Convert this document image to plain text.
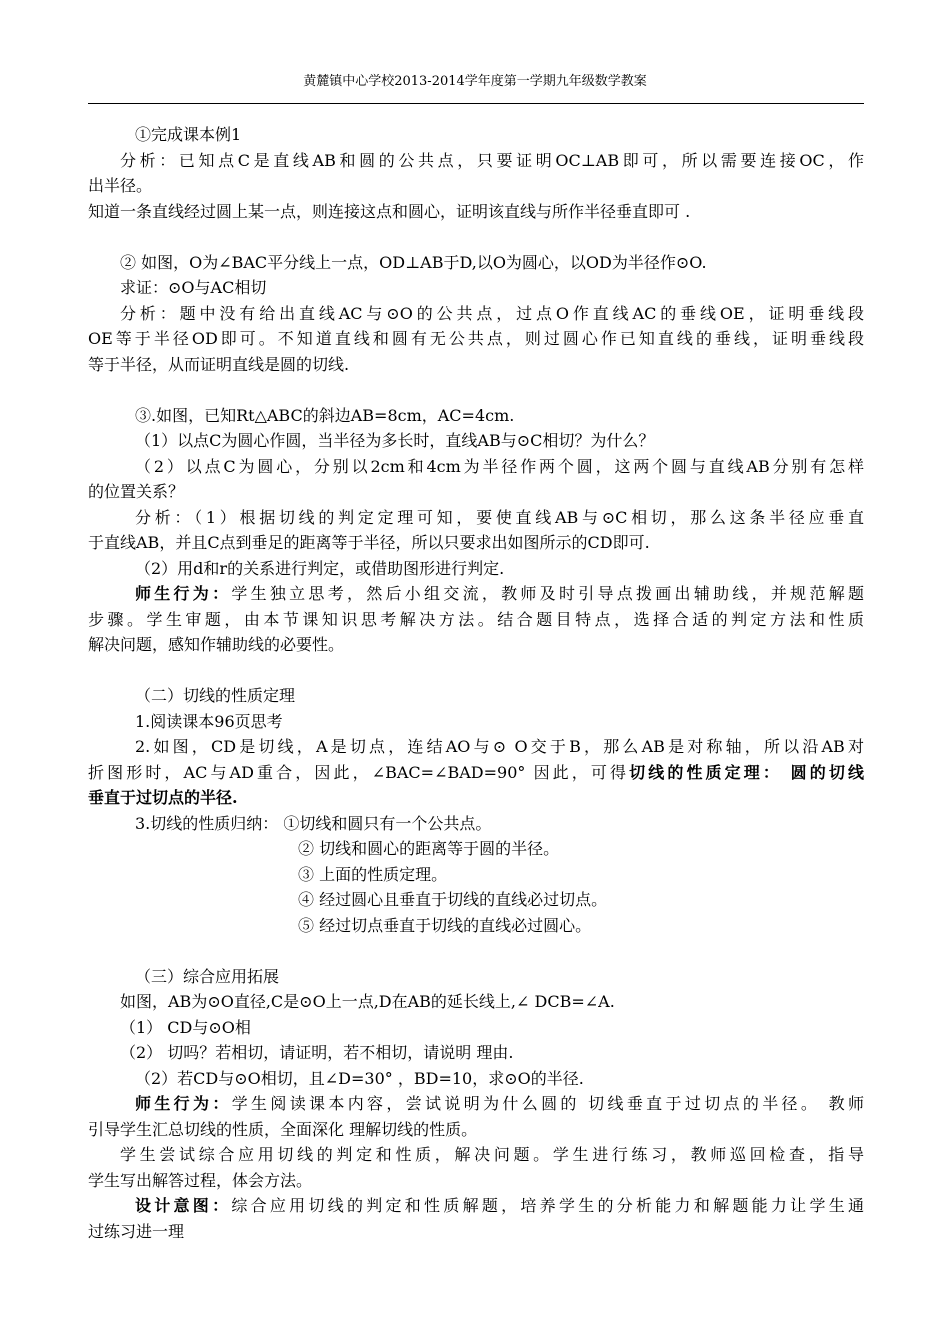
黄麓镇中心学校2013-2014学年度第一学期九年级数学教案
①完成课本例1
分析：已知点C是直线AB和圆的公共点，只要证明OC⊥AB即可，所以需要连接OC，作
出半径。
知道一条直线经过圆上某一点，则连接这点和圆心，证明该直线与所作半径垂直即可 .
② 如图，O为∠BAC平分线上一点，OD⊥AB于D,以O为圆心，以OD为半径作⊙O.
求证：⊙O与AC相切
分析：题中没有给出直线AC与⊙O的公共点，过点O作直线AC的垂线OE，证明垂线段
OE等于半径OD即可。不知道直线和圆有无公共点，则过圆心作已知直线的垂线，证明垂线段
等于半径，从而证明直线是圆的切线.
③.如图，已知Rt△ABC的斜边AB=8cm，AC=4cm.
（1）以点C为圆心作圆，当半径为多长时，直线AB与⊙C相切？为什么？
（2）以点C为圆心，分别以2cm和4cm为半径作两个圆，这两个圆与直线AB分别有怎样
的位置关系？
分析：（1）根据切线的判定定理可知，要使直线AB与⊙C相切，那么这条半径应垂直
于直线AB，并且C点到垂足的距离等于半径，所以只要求出如图所示的CD即可.
（2）用d和r的关系进行判定，或借助图形进行判定.
师生行为：学生独立思考，然后小组交流，教师及时引导点拨画出辅助线，并规范解题
步骤。学生审题，由本节课知识思考解决方法。结合题目特点，选择合适的判定方法和性质
解决问题，感知作辅助线的必要性。
（二）切线的性质定理
1.阅读课本96页思考
2.如图，CD是切线，A是切点，连结AO与⊙ O交于B，那么AB是对称轴，所以沿AB对
折图形时，AC与AD重合，因此，∠BAC=∠BAD=90° 因此，可得切线的性质定理： 圆的切线
垂直于过切点的半径.
3.切线的性质归纳： ①切线和圆只有一个公共点。
② 切线和圆心的距离等于圆的半径。
③ 上面的性质定理。
④ 经过圆心且垂直于切线的直线必过切点。
⑤ 经过切点垂直于切线的直线必过圆心。
（三）综合应用拓展
如图，AB为⊙O直径,C是⊙O上一点,D在AB的延长线上,∠ DCB=∠A.
（1） CD与⊙O相
（2） 切吗？若相切，请证明，若不相切，请说明 理由.
（2）若CD与⊙O相切，且∠D=30° ，BD=10，求⊙O的半径.
师生行为：学生阅读课本内容，尝试说明为什么圆的 切线垂直于过切点的半径。 教师
引导学生汇总切线的性质，全面深化 理解切线的性质。
学生尝试综合应用切线的判定和性质，解决问题。学生进行练习，教师巡回检查，指导
学生写出解答过程，体会方法。
设计意图：综合应用切线的判定和性质解题，培养学生的分析能力和解题能力让学生通
过练习进一理
